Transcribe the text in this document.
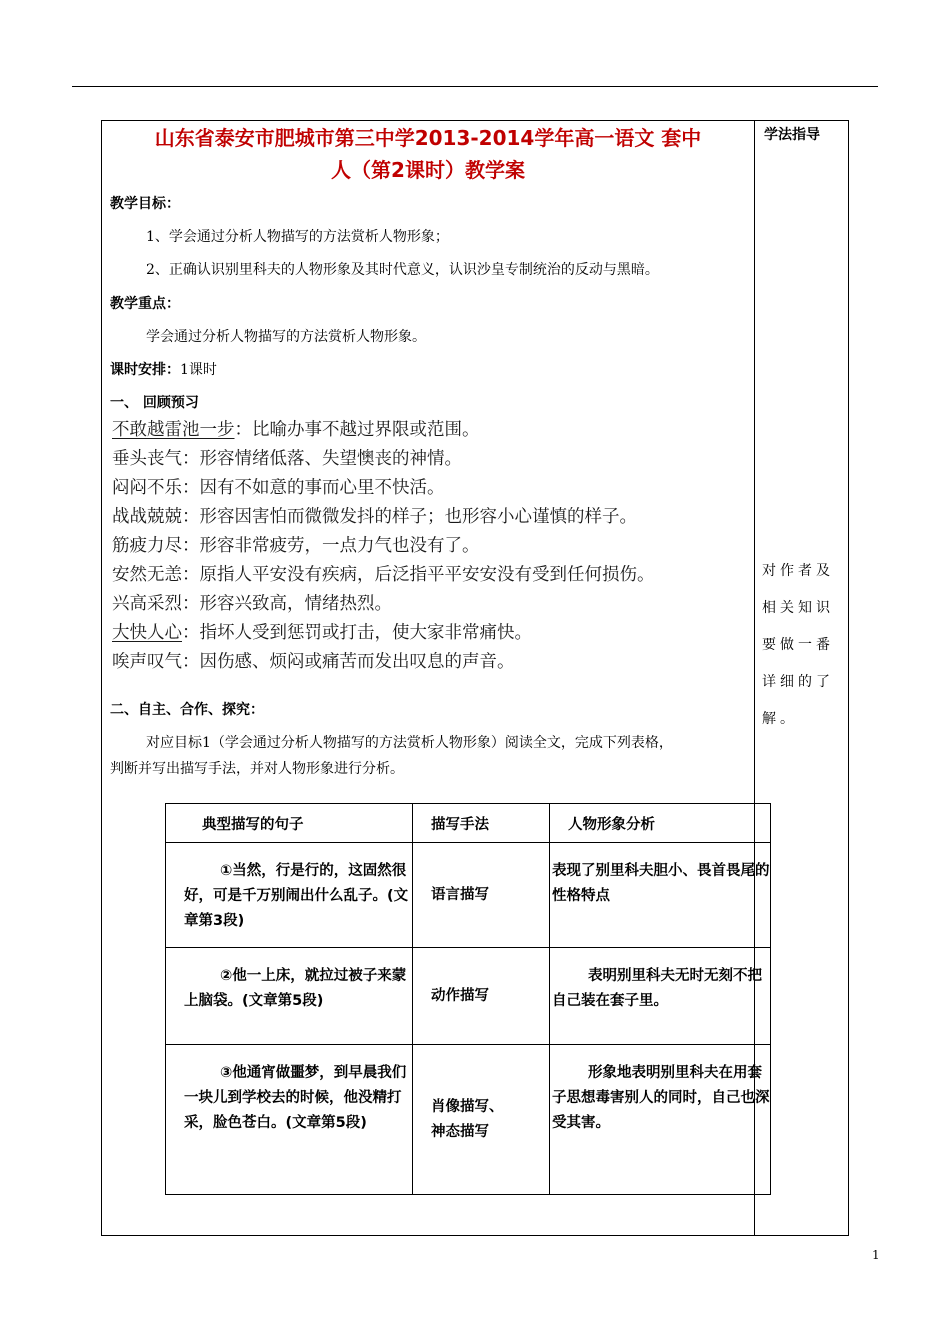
山东省泰安市肥城市第三中学2013-2014学年高一语文 套中
人（第2课时）教学案
学法指导
对作者及相关知识要做一番详细的了解。
教学目标：
1、学会通过分析人物描写的方法赏析人物形象；
2、正确认识别里科夫的人物形象及其时代意义，认识沙皇专制统治的反动与黑暗。
教学重点：
学会通过分析人物描写的方法赏析人物形象。
课时安排：1课时
一、 回顾预习
不敢越雷池一步：比喻办事不越过界限或范围。
垂头丧气：形容情绪低落、失望懊丧的神情。
闷闷不乐：因有不如意的事而心里不快活。
战战兢兢：形容因害怕而微微发抖的样子；也形容小心谨慎的样子。
筋疲力尽：形容非常疲劳，一点力气也没有了。
安然无恙：原指人平安没有疾病，后泛指平平安安没有受到任何损伤。
兴高采烈：形容兴致高，情绪热烈。
大快人心：指坏人受到惩罚或打击，使大家非常痛快。
唉声叹气：因伤感、烦闷或痛苦而发出叹息的声音。
二、自主、合作、探究：
对应目标1（学会通过分析人物描写的方法赏析人物形象）阅读全文，完成下列表格，
判断并写出描写手法，并对人物形象进行分析。
典型描写的句子	描写手法	人物形象分析

①当然，行是行的，这固然很好，可是千万别闹出什么乱子。(文章第3段)	语言描写	表现了别里科夫胆小、畏首畏尾的性格特点

②他一上床，就拉过被子来蒙上脑袋。(文章第5段)	动作描写	表明别里科夫无时无刻不把自己装在套子里。

③他通宵做噩梦，到早晨我们一块儿到学校去的时候，他没精打采，脸色苍白。(文章第5段)	肖像描写、神态描写	形象地表明别里科夫在用套子思想毒害别人的同时，自己也深受其害。
1
